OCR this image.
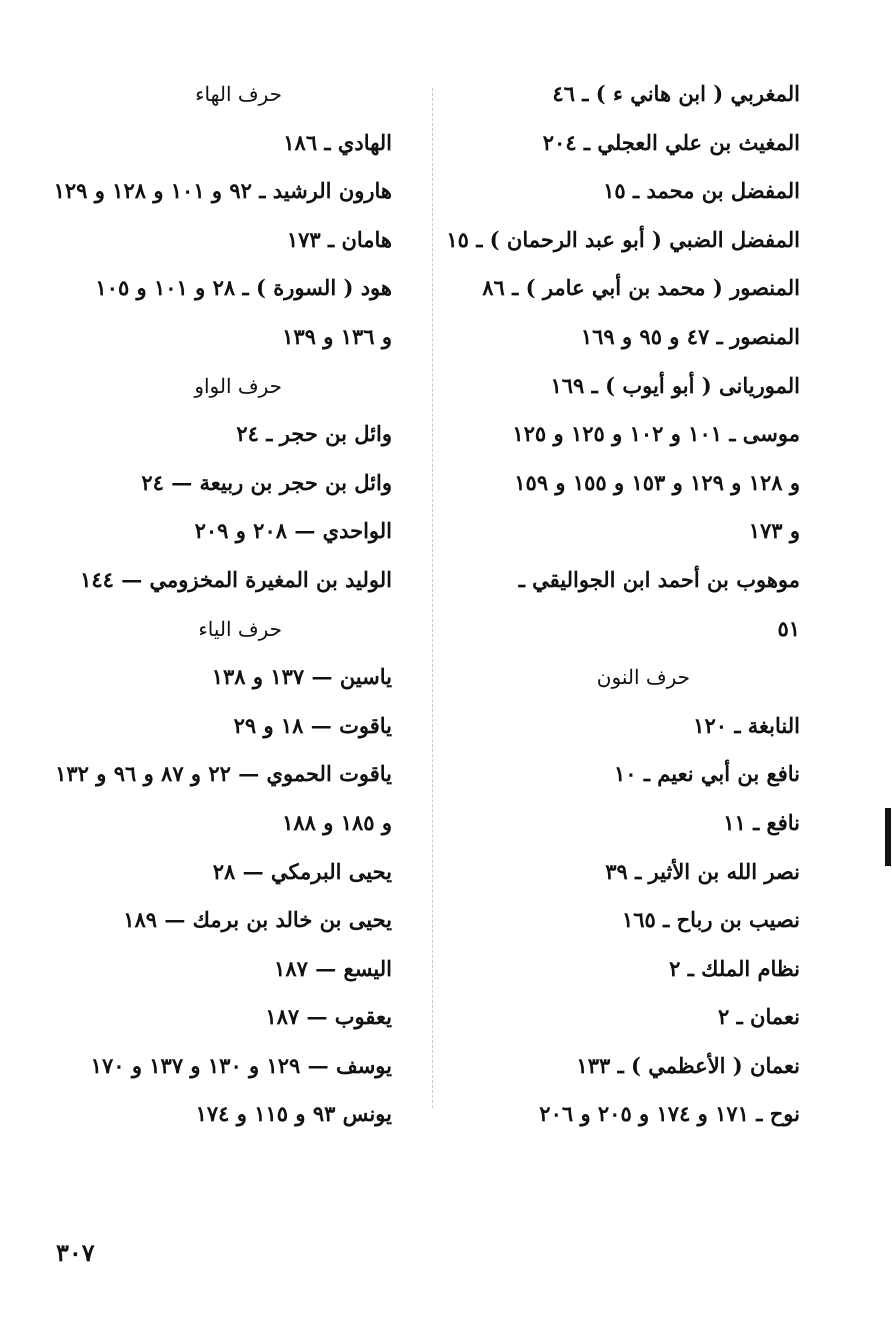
المغربي ( ابن هاني ء ) ـ ٤٦
المغيث بن علي العجلي ـ ٢٠٤
المفضل بن محمد ـ ١٥
المفضل الضبي ( أبو عبد الرحمان ) ـ ١٥
المنصور ( محمد بن أبي عامر ) ـ ٨٦
المنصور ـ ٤٧ و ٩٥ و ١٦٩
الموريانى ( أبو أيوب ) ـ ١٦٩
موسى ـ ١٠١ و ١٠٢ و ١٢٥ و ١٢٥
و ١٢٨ و ١٢٩ و ١٥٣ و ١٥٥ و ١٥٩
و ١٧٣
موهوب بن أحمد ابن الجواليقي ـ
٥١
حرف النون
النابغة ـ ١٢٠
نافع بن أبي نعيم ـ ١٠
نافع ـ ١١
نصر الله بن الأثير ـ ٣٩
نصيب بن رباح ـ ١٦٥
نظام الملك ـ ٢
نعمان ـ ٢
نعمان ( الأعظمي ) ـ ١٣٣
نوح ـ ١٧١ و ١٧٤ و ٢٠٥ و ٢٠٦
حرف الهاء
الهادي ـ ١٨٦
هارون الرشيد ـ ٩٢ و ١٠١ و ١٢٨ و ١٢٩
هامان ـ ١٧٣
هود ( السورة ) ـ ٢٨ و ١٠١ و ١٠٥
و ١٣٦ و ١٣٩
حرف الواو
وائل بن حجر ـ ٢٤
وائل بن حجر بن ربيعة — ٢٤
الواحدي — ٢٠٨ و ٢٠٩
الوليد بن المغيرة المخزومي — ١٤٤
حرف الياء
ياسين — ١٣٧ و ١٣٨
ياقوت — ١٨ و ٢٩
ياقوت الحموي — ٢٢ و ٨٧ و ٩٦ و ١٣٢
و ١٨٥ و ١٨٨
يحيى البرمكي — ٢٨
يحيى بن خالد بن برمك — ١٨٩
اليسع — ١٨٧
يعقوب — ١٨٧
يوسف — ١٢٩ و ١٣٠ و ١٣٧ و ١٧٠
يونس ٩٣ و ١١٥ و ١٧٤
٣٠٧
